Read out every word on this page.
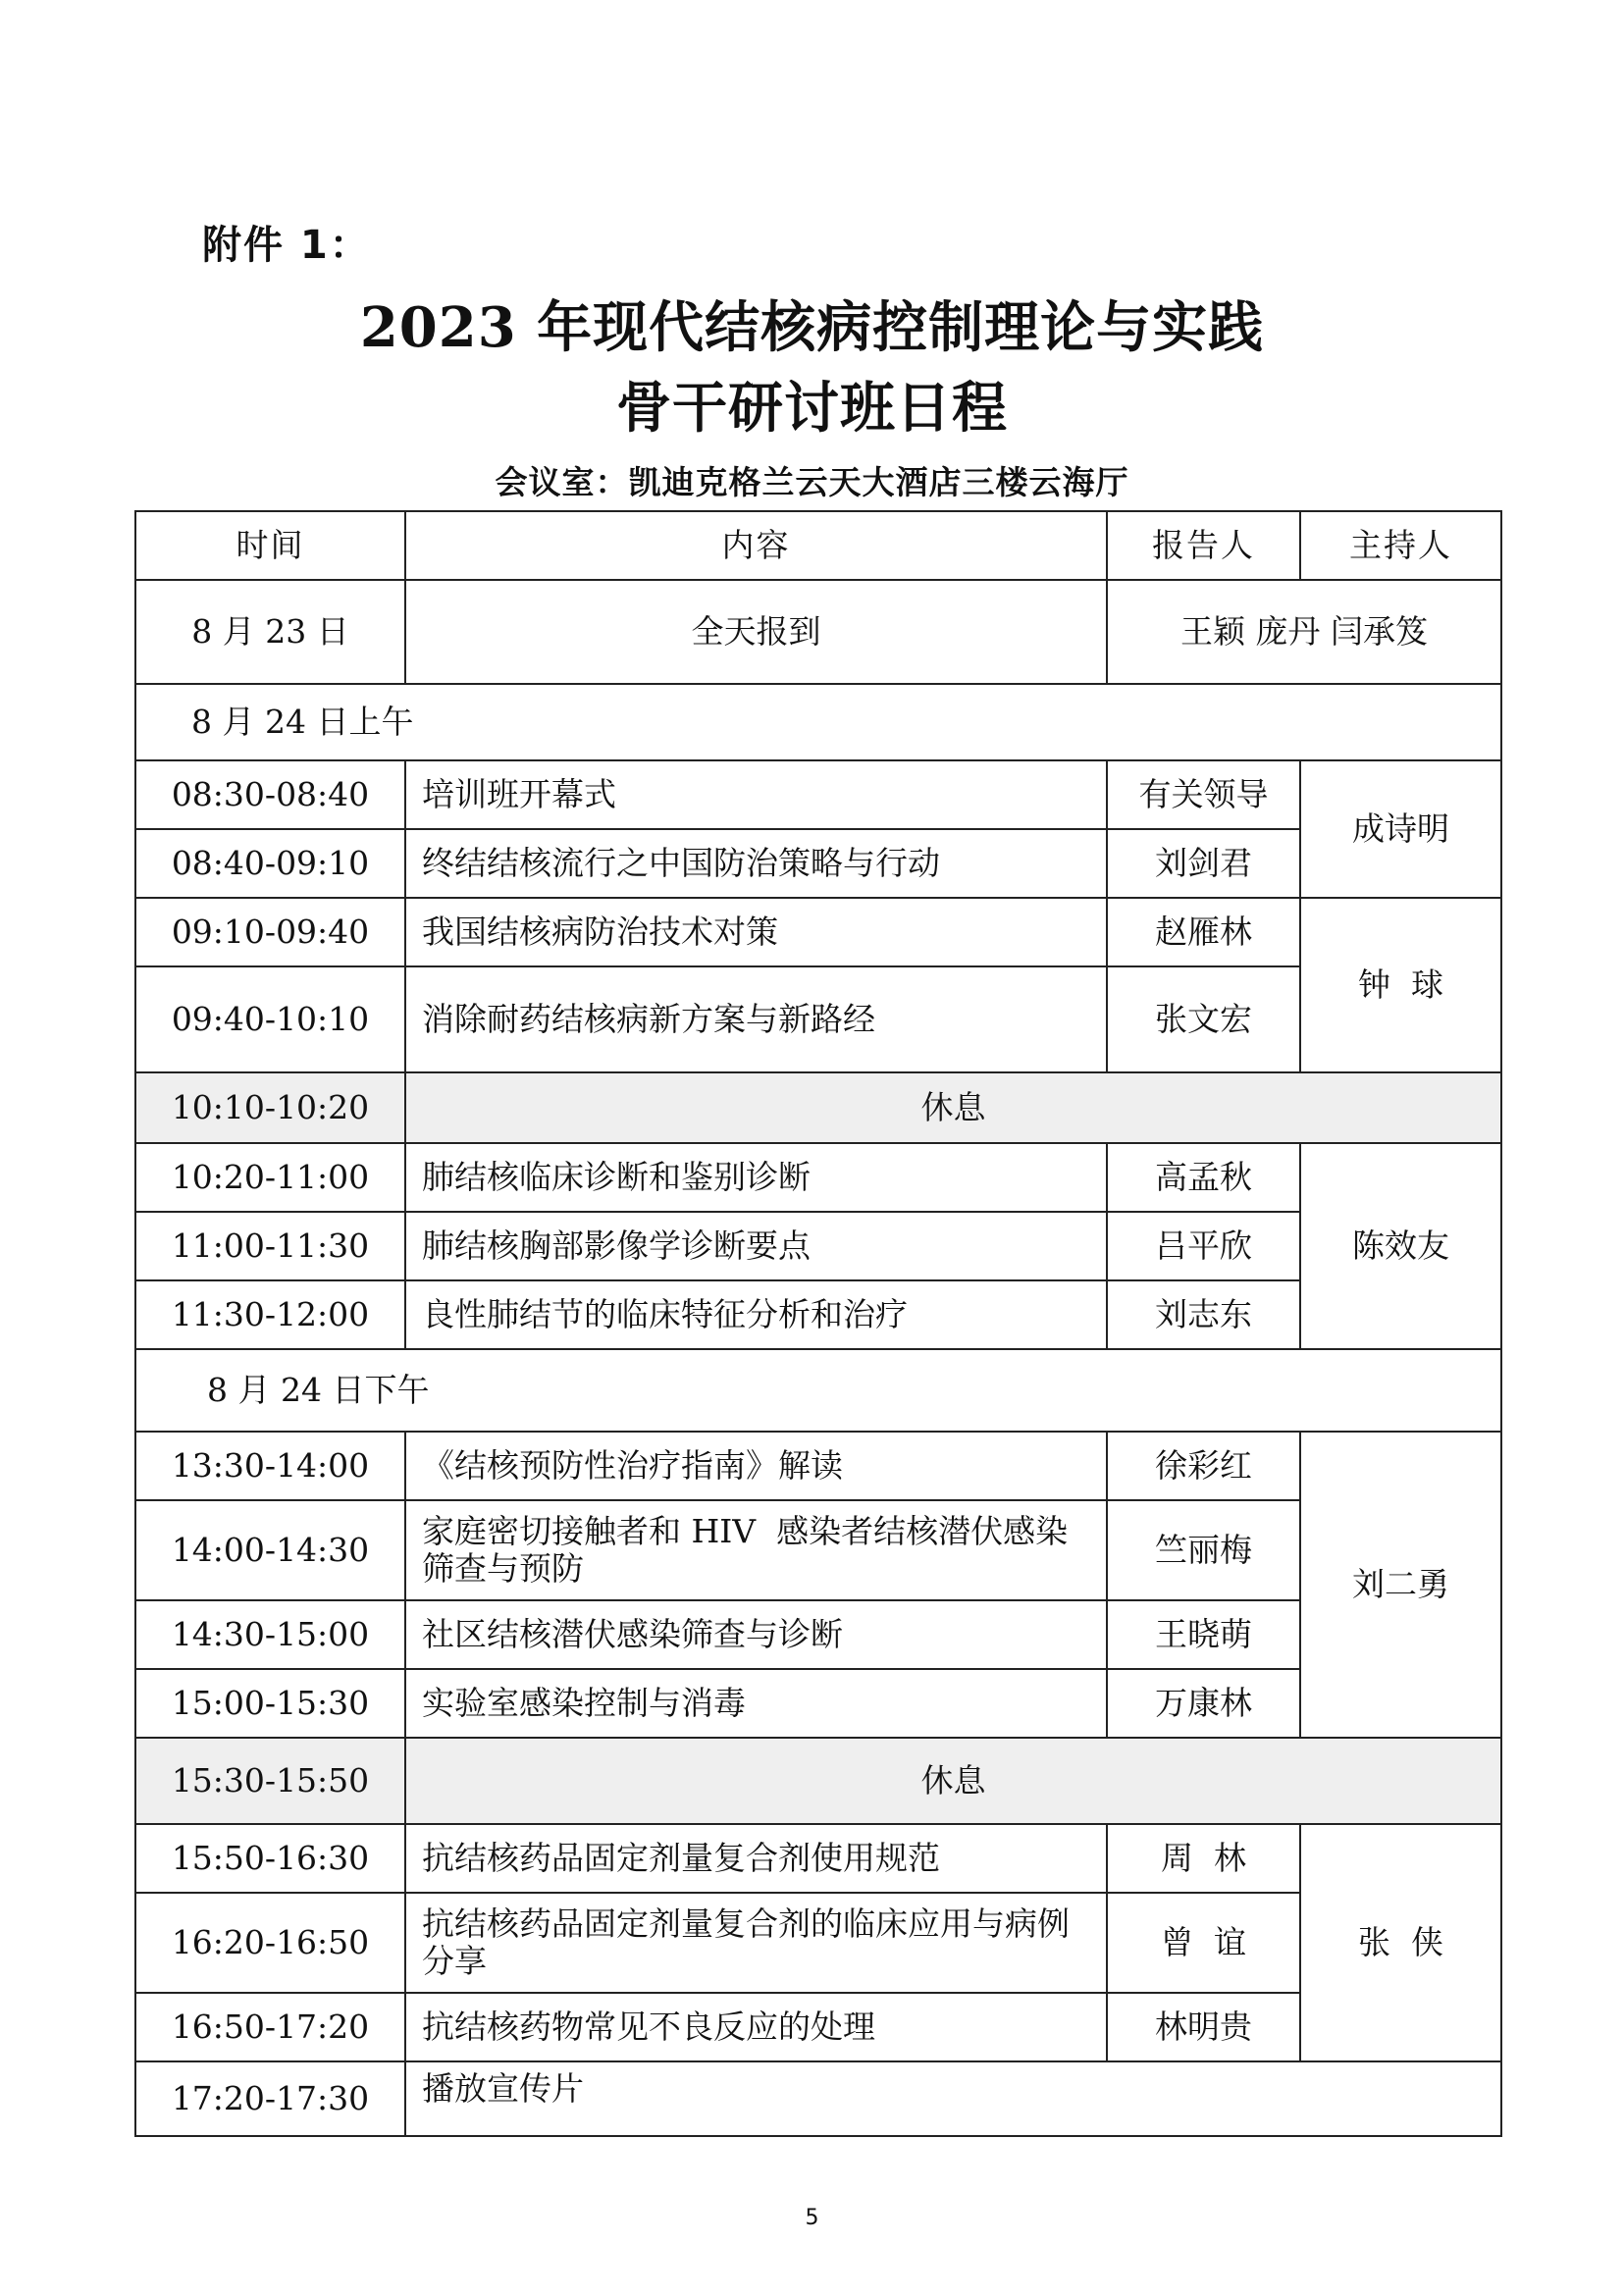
附件 1：
2023 年现代结核病控制理论与实践
骨干研讨班日程
会议室：凯迪克格兰云天大酒店三楼云海厅
时间	内容	报告人	主持人
8 月 23 日	全天报到	王颖 庞丹 闫承笈	
8 月 24 日上午			
08:30-08:40	培训班开幕式	有关领导	成诗明
08:40-09:10	终结结核流行之中国防治策略与行动	刘剑君	
09:10-09:40	我国结核病防治技术对策	赵雁林	钟  球
09:40-10:10	消除耐药结核病新方案与新路经	张文宏	
10:10-10:20	休息		
10:20-11:00	肺结核临床诊断和鉴别诊断	高孟秋	陈效友
11:00-11:30	肺结核胸部影像学诊断要点	吕平欣	
11:30-12:00	良性肺结节的临床特征分析和治疗	刘志东	
8 月 24 日下午			
13:30-14:00	《结核预防性治疗指南》解读	徐彩红	刘二勇
14:00-14:30	家庭密切接触者和 HIV  感染者结核潜伏感染筛查与预防	竺丽梅	
14:30-15:00	社区结核潜伏感染筛查与诊断	王晓萌	
15:00-15:30	实验室感染控制与消毒	万康林	
15:30-15:50	休息		
15:50-16:30	抗结核药品固定剂量复合剂使用规范	周  林	张  侠
16:20-16:50	抗结核药品固定剂量复合剂的临床应用与病例分享	曾  谊	
16:50-17:20	抗结核药物常见不良反应的处理	林明贵	
17:20-17:30	播放宣传片		
5
